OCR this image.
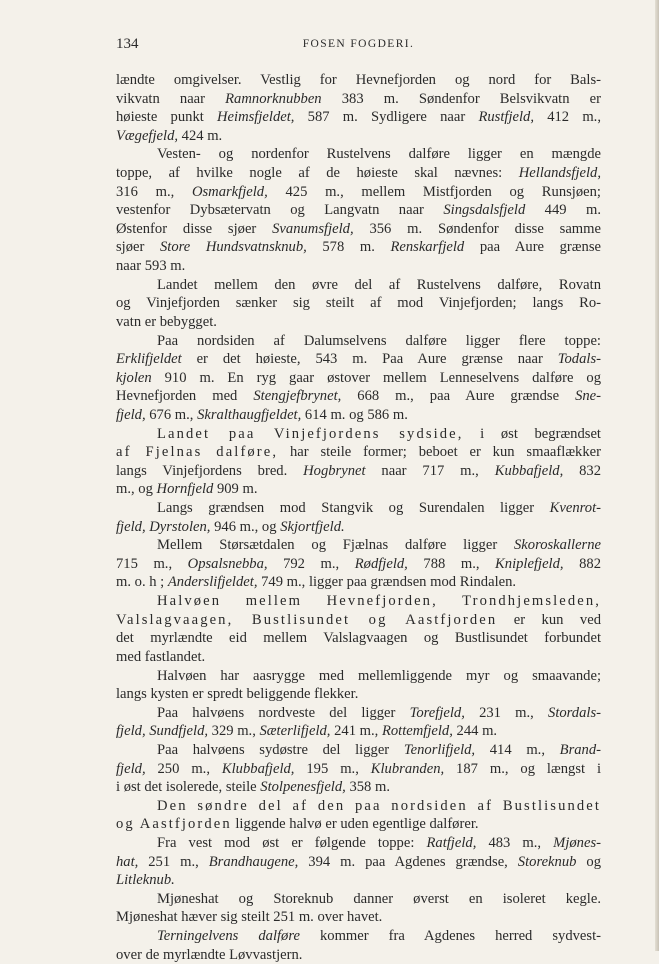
134	FOSEN FOGDERI.
lændte omgivelser. Vestlig for Hevnefjorden og nord for Bals-
vikvatn naar Ramnorknubben 383 m. Søndenfor Belsvikvatn er
høieste punkt Heimsfjeldet, 587 m. Sydligere naar Rustfjeld, 412 m.,
Vægefjeld, 424 m.
Vesten- og nordenfor Rustelvens dalføre ligger en mængde
toppe, af hvilke nogle af de høieste skal nævnes: Hellandsfjeld,
316 m., Osmarkfjeld, 425 m., mellem Mistfjorden og Runsjøen;
vestenfor Dybsætervatn og Langvatn naar Singsdalsfjeld 449 m.
Østenfor disse sjøer Svanumsfjeld, 356 m. Søndenfor disse samme
sjøer Store Hundsvatnsknub, 578 m. Renskarfjeld paa Aure grænse
naar 593 m.
Landet mellem den øvre del af Rustelvens dalføre, Rovatn
og Vinjefjorden sænker sig steilt af mod Vinjefjorden; langs Ro-
vatn er bebygget.
Paa nordsiden af Dalumselvens dalføre ligger flere toppe:
Erklifjeldet er det høieste, 543 m. Paa Aure grænse naar Todals-
kjolen 910 m. En ryg gaar østover mellem Lenneselvens dalføre og
Hevnefjorden med Stengjefbrynet, 668 m., paa Aure grændse Sne-
fjeld, 676 m., Skralthaugfjeldet, 614 m. og 586 m.
Landet paa Vinjefjordens sydside, i øst begrændset
af Fjelnas dalføre, har steile former; beboet er kun smaaflækker
langs Vinjefjordens bred. Hogbrynet naar 717 m., Kubbafjeld, 832
m., og Hornfjeld 909 m.
Langs grændsen mod Stangvik og Surendalen ligger Kvenrot-
fjeld, Dyrstolen, 946 m., og Skjortfjeld.
Mellem Størsætdalen og Fjælnas dalføre ligger Skoroskallerne
715 m., Opsalsnebba, 792 m., Rødfjeld, 788 m., Kniplefjeld, 882
m. o. h ; Anderslifjeldet, 749 m., ligger paa grændsen mod Rindalen.
Halvøen mellem Hevnefjorden, Trondhjemsleden,
Valslagvaagen, Bustlisundet og Aastfjorden er kun ved
det myrlændte eid mellem Valslagvaagen og Bustlisundet forbundet
med fastlandet.
Halvøen har aasrygge med mellemliggende myr og smaavande;
langs kysten er spredt beliggende flekker.
Paa halvøens nordveste del ligger Torefjeld, 231 m., Stordals-
fjeld, Sundfjeld, 329 m., Sæterlifjeld, 241 m., Rottemfjeld, 244 m.
Paa halvøens sydøstre del ligger Tenorlifjeld, 414 m., Brand-
fjeld, 250 m., Klubbafjeld, 195 m., Klubranden, 187 m., og længst i
i øst det isolerede, steile Stolpenesfjeld, 358 m.
Den søndre del af den paa nordsiden af Bustlisundet
og Aastfjorden liggende halvø er uden egentlige dalfører.
Fra vest mod øst er følgende toppe: Ratfjeld, 483 m., Mjønes-
hat, 251 m., Brandhaugene, 394 m. paa Agdenes grændse, Storeknub og
Litleknub.
Mjøneshat og Storeknub danner øverst en isoleret kegle.
Mjøneshat hæver sig steilt 251 m. over havet.
Terningelvens dalføre kommer fra Agdenes herred sydvest-
over de myrlændte Løvvastjern.
